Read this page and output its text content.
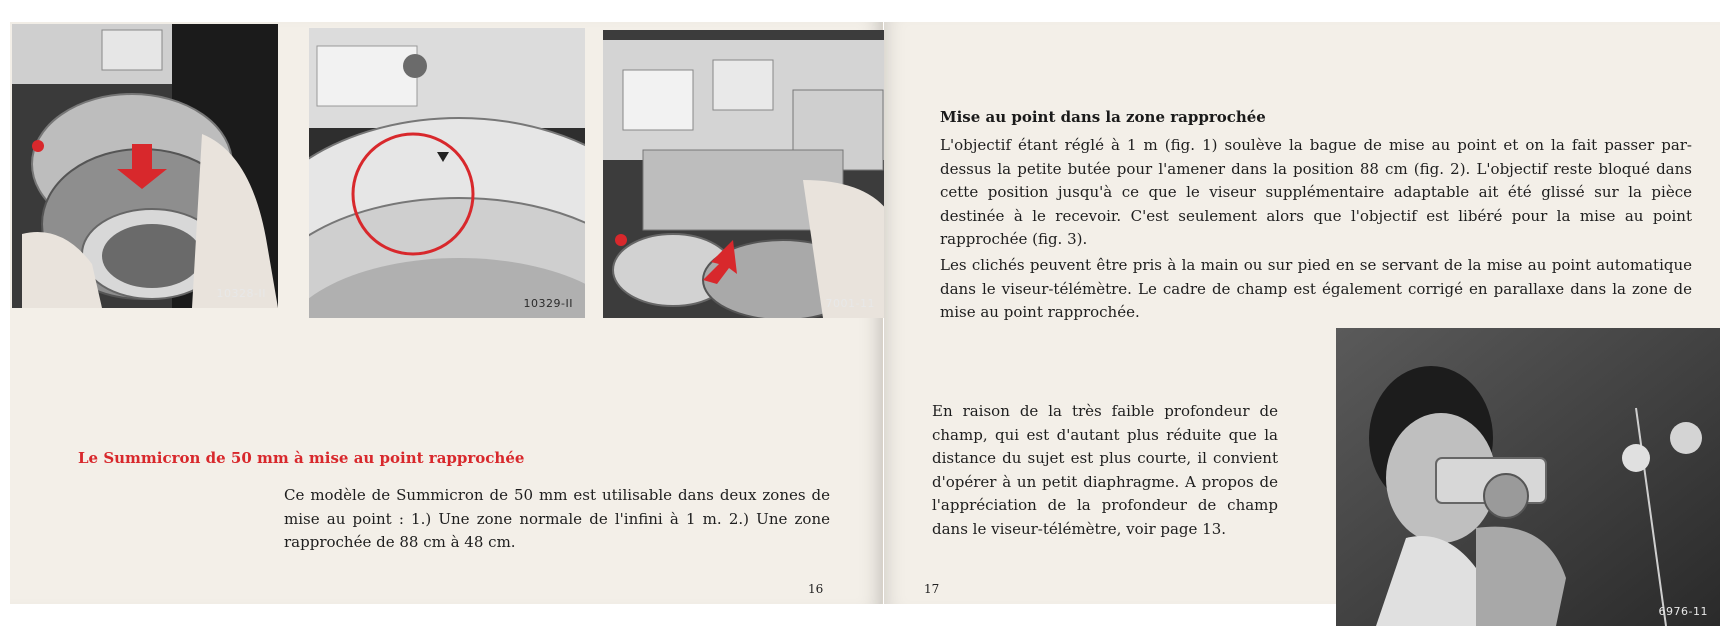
10328-II
10329-II	7001-11
Le Summicron de 50 mm à mise au point rapprochée

Ce modèle de Summicron de 50 mm est utilisable dans deux zones de mise au point : 1.) Une zone normale de l'infini à 1 m. 2.) Une zone rapprochée de 88 cm à 48 cm.

16
Mise au point dans la zone rapprochée

L'objectif étant réglé à 1 m (fig. 1) soulève la bague de mise au point et on la fait passer par-dessus la petite butée pour l'amener dans la position 88 cm (fig. 2). L'objectif reste bloqué dans cette position jusqu'à ce que le viseur supplémentaire adaptable ait été glissé sur la pièce destinée à le recevoir. C'est seulement alors que l'objectif est libéré pour la mise au point rapprochée (fig. 3).

Les clichés peuvent être pris à la main ou sur pied en se servant de la mise au point automatique dans le viseur-télémètre. Le cadre de champ est également corrigé en parallaxe dans la zone de mise au point rapprochée.

En raison de la très faible profondeur de champ, qui est d'autant plus réduite que la distance du sujet est plus courte, il convient d'opérer à un petit diaphragme. A propos de l'appréciation de la profondeur de champ dans le viseur-télémètre, voir page 13.

6976-11
17
